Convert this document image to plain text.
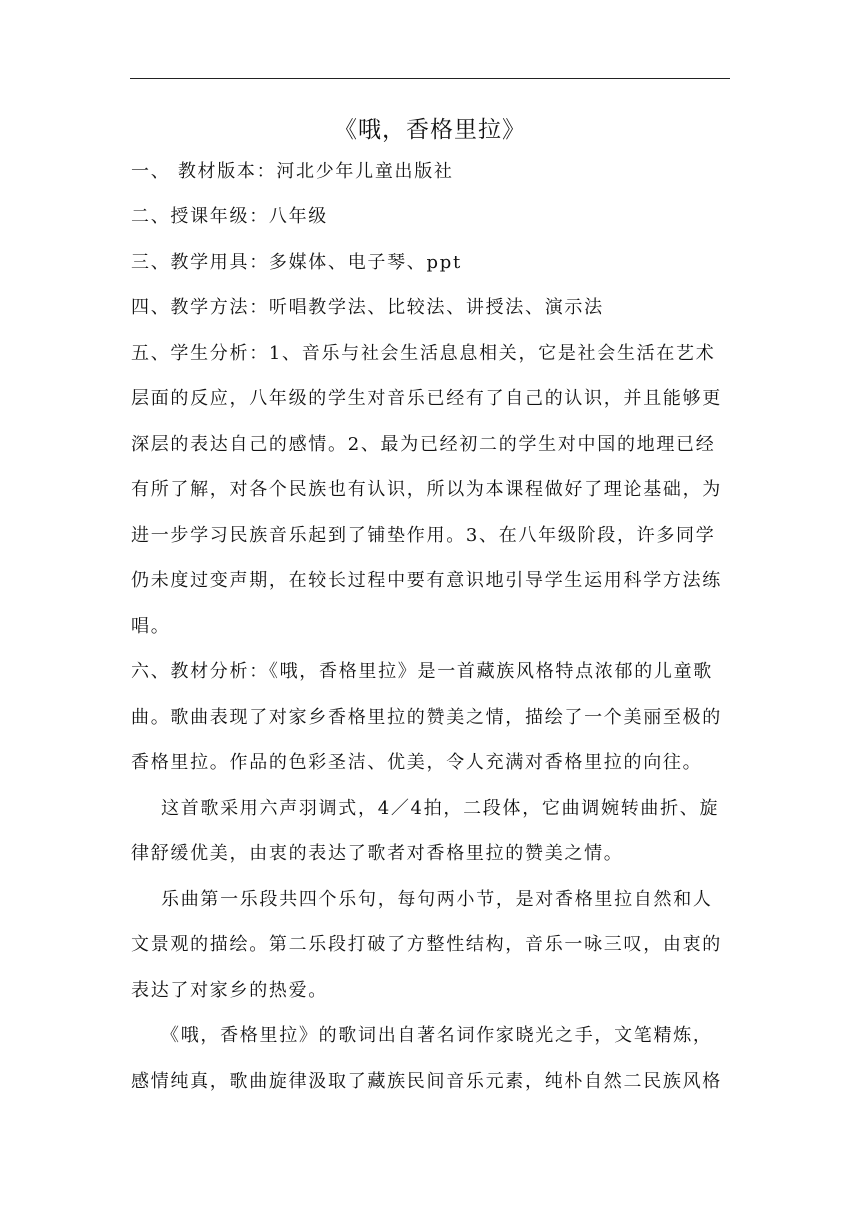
《哦，香格里拉》
一、 教材版本：河北少年儿童出版社
二、授课年级：八年级
三、教学用具：多媒体、电子琴、ppt
四、教学方法：听唱教学法、比较法、讲授法、演示法
五、学生分析：1、音乐与社会生活息息相关，它是社会生活在艺术
层面的反应，八年级的学生对音乐已经有了自己的认识，并且能够更
深层的表达自己的感情。2、最为已经初二的学生对中国的地理已经
有所了解，对各个民族也有认识，所以为本课程做好了理论基础，为
进一步学习民族音乐起到了铺垫作用。3、在八年级阶段，许多同学
仍未度过变声期，在较长过程中要有意识地引导学生运用科学方法练
唱。
六、教材分析：《哦，香格里拉》是一首藏族风格特点浓郁的儿童歌
曲。歌曲表现了对家乡香格里拉的赞美之情，描绘了一个美丽至极的
香格里拉。作品的色彩圣洁、优美，令人充满对香格里拉的向往。
这首歌采用六声羽调式，4／4拍，二段体，它曲调婉转曲折、旋
律舒缓优美，由衷的表达了歌者对香格里拉的赞美之情。
乐曲第一乐段共四个乐句，每句两小节，是对香格里拉自然和人
文景观的描绘。第二乐段打破了方整性结构，音乐一咏三叹，由衷的
表达了对家乡的热爱。
《哦，香格里拉》的歌词出自著名词作家晓光之手，文笔精炼，
感情纯真，歌曲旋律汲取了藏族民间音乐元素，纯朴自然二民族风格
